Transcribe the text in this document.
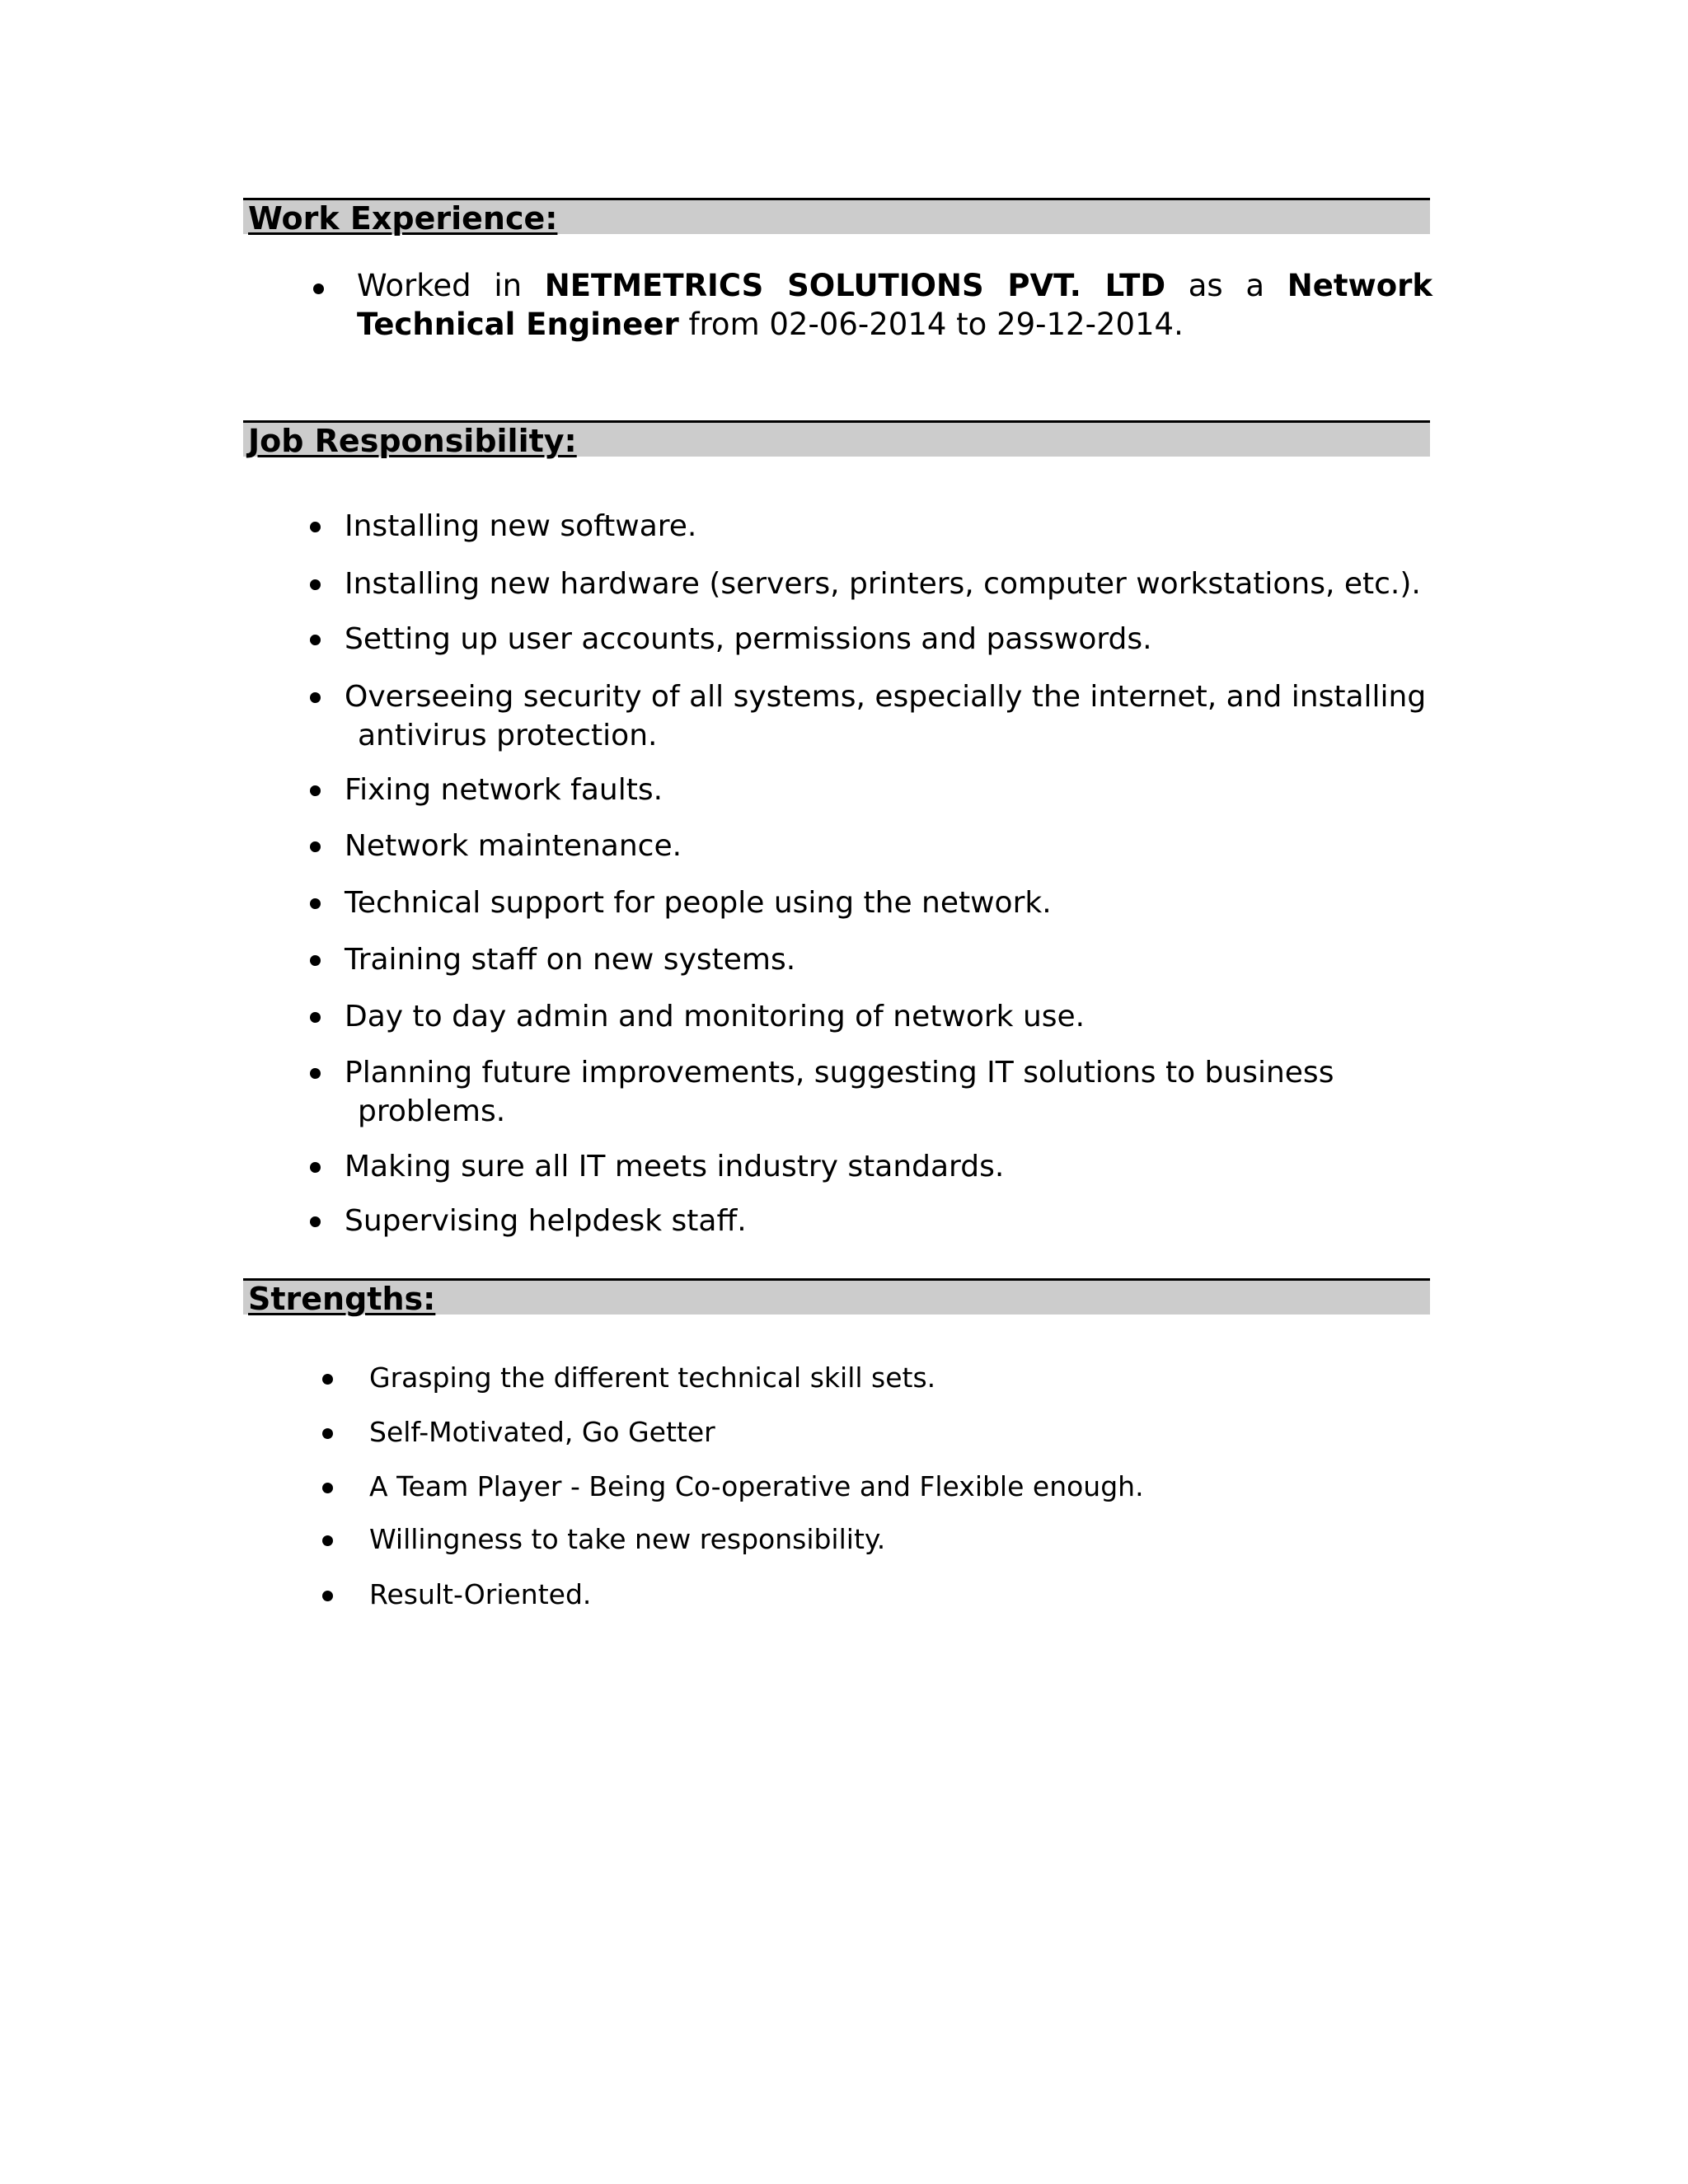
Work Experience:
Worked in NETMETRICS SOLUTIONS PVT. LTD as a Network Technical Engineer from 02-06-2014 to 29-12-2014.
Job Responsibility:
Installing new software.
Installing new hardware (servers, printers, computer workstations, etc.).
Setting up user accounts, permissions and passwords.
Overseeing security of all systems, especially the internet, and installing
antivirus protection.
Fixing network faults.
Network maintenance.
Technical support for people using the network.
Training staff on new systems.
Day to day admin and monitoring of network use.
Planning future improvements, suggesting IT solutions to business
problems.
Making sure all IT meets industry standards.
Supervising helpdesk staff.
Strengths:
Grasping the different technical skill sets.
Self-Motivated, Go Getter
A Team Player - Being Co-operative and Flexible enough.
Willingness to take new responsibility.
Result-Oriented.
